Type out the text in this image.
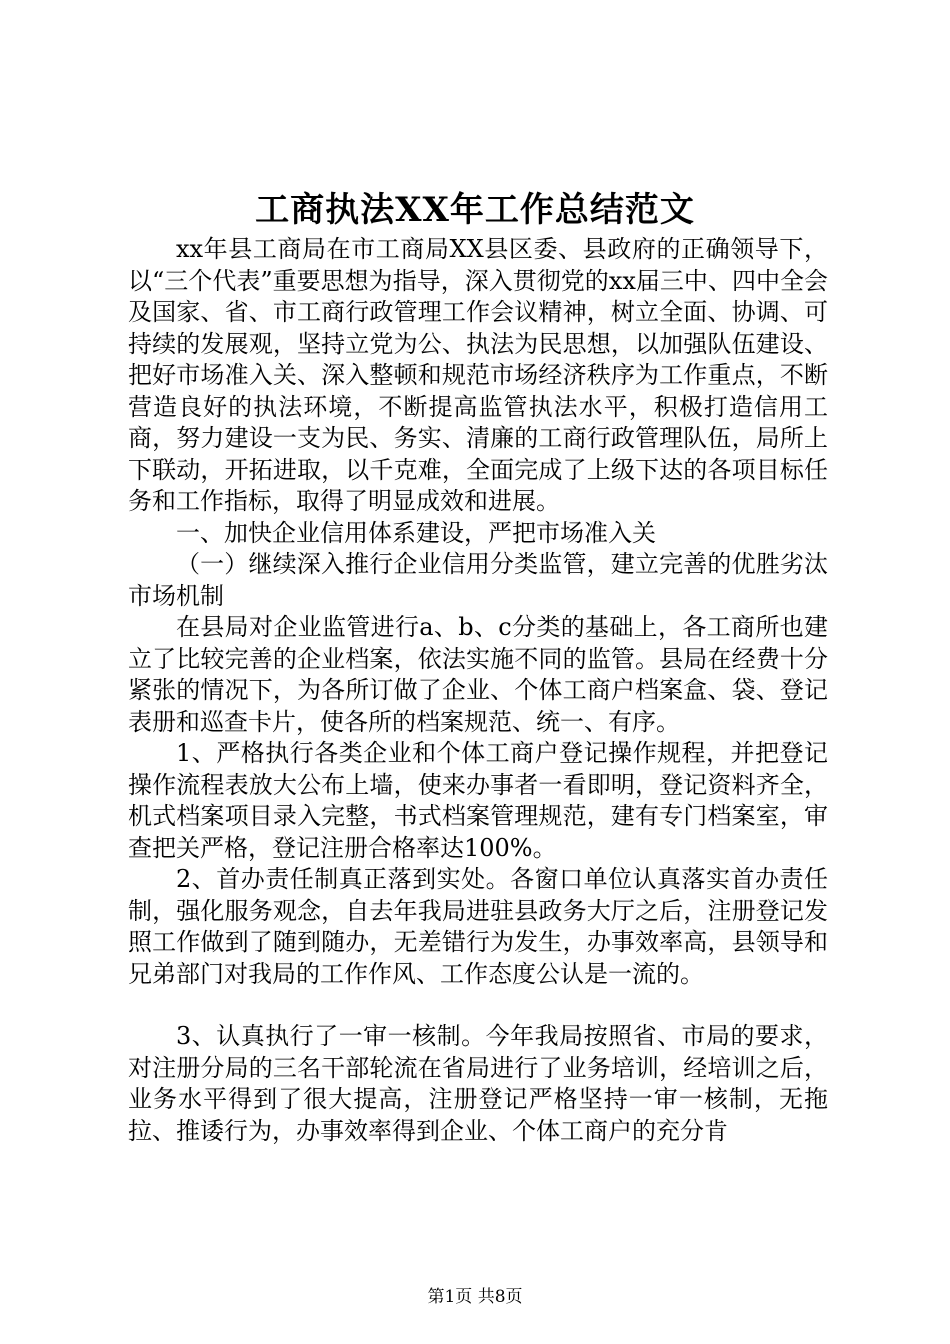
工商执法XX年工作总结范文

xx年县工商局在市工商局XX县区委、县政府的正确领导下，以“三个代表”重要思想为指导，深入贯彻党的xx届三中、四中全会及国家、省、市工商行政管理工作会议精神，树立全面、协调、可持续的发展观，坚持立党为公、执法为民思想，以加强队伍建设、把好市场准入关、深入整顿和规范市场经济秩序为工作重点，不断营造良好的执法环境，不断提高监管执法水平，积极打造信用工商，努力建设一支为民、务实、清廉的工商行政管理队伍，局所上下联动，开拓进取，以千克难，全面完成了上级下达的各项目标任务和工作指标，取得了明显成效和进展。

一、加快企业信用体系建设，严把市场准入关

（一）继续深入推行企业信用分类监管，建立完善的优胜劣汰市场机制

在县局对企业监管进行a、b、c分类的基础上，各工商所也建立了比较完善的企业档案，依法实施不同的监管。县局在经费十分紧张的情况下，为各所订做了企业、个体工商户档案盒、袋、登记表册和巡查卡片，使各所的档案规范、统一、有序。

1、严格执行各类企业和个体工商户登记操作规程，并把登记操作流程表放大公布上墙，使来办事者一看即明，登记资料齐全，机式档案项目录入完整，书式档案管理规范，建有专门档案室，审查把关严格，登记注册合格率达100%。

2、首办责任制真正落到实处。各窗口单位认真落实首办责任制，强化服务观念，自去年我局进驻县政务大厅之后，注册登记发照工作做到了随到随办，无差错行为发生，办事效率高，县领导和兄弟部门对我局的工作作风、工作态度公认是一流的。

3、认真执行了一审一核制。今年我局按照省、市局的要求，对注册分局的三名干部轮流在省局进行了业务培训，经培训之后，业务水平得到了很大提高，注册登记严格坚持一审一核制，无拖拉、推诿行为，办事效率得到企业、个体工商户的充分肯

第1页 共8页
